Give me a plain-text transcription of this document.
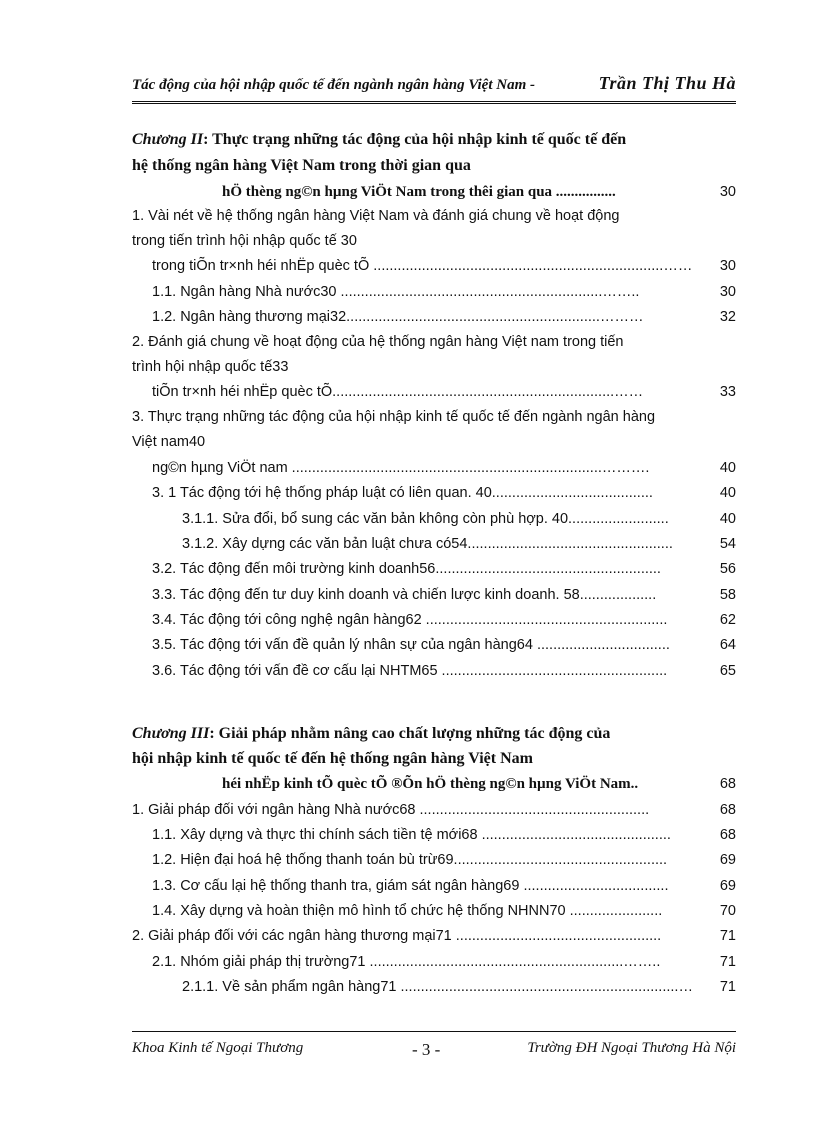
Tác động của hội nhập quốc tế đến ngành ngân hàng Việt Nam -	Trần Thị Thu Hà
Chương II: Thực trạng những tác động của hội nhập kinh tế quốc tế đến
hệ thống ngân hàng Việt Nam trong thời gian qua
hÖ thèng ng©n hµng ViÖt Nam trong thêi gian qua ................	30
1. Vài nét về hệ thống ngân hàng Việt Nam và đánh giá chung về hoạt động
trong tiến trình hội nhập quốc tế 30
trong tiÕn tr×nh héi nhËp quèc tÕ ........................................................................……	30
1.1. Ngân hàng Nhà nước30 .................................................................……..	30
1.2. Ngân hàng thương mại32...............................................................………	32
2. Đánh giá chung về hoạt động của hệ thống ngân hàng Việt nam trong tiến
trình hội nhập quốc tế33
tiÕn tr×nh héi nhËp quèc tÕ......................................................................……	33
3. Thực trạng những tác động của hội nhập kinh tế quốc tế đến ngành ngân hàng
Việt nam40
ng©n hµng ViÖt nam .............................................................................……….	40
3. 1 Tác động tới hệ thống pháp luật có liên quan. 40........................................	40
3.1.1. Sửa đổi, bổ sung các văn bản không còn phù hợp. 40.........................	40
3.1.2. Xây dựng các văn bản luật chưa có54...................................................	54
3.2. Tác động đến môi trường kinh doanh56........................................................	56
3.3. Tác động đến tư duy kinh doanh và chiến lược kinh doanh. 58...................	58
3.4. Tác động tới công nghệ ngân hàng62 ............................................................	62
3.5. Tác động tới vấn đề quản lý nhân sự của ngân hàng64 .................................	64
3.6. Tác động tới vấn đề cơ cấu lại NHTM65 ........................................................	65
Chương III: Giải pháp nhằm nâng cao chất lượng những tác động của
hội nhập kinh tế quốc tế đến hệ thống ngân hàng Việt Nam
héi nhËp kinh tÕ quèc tÕ ®Õn hÖ thèng ng©n hµng ViÖt Nam..	68
1. Giải pháp đối với ngân hàng Nhà nước68 .........................................................	68
1.1. Xây dựng và thực thi chính sách tiền tệ mới68 ...............................................	68
1.2. Hiện đại hoá hệ thống thanh toán bù trừ69.....................................................	69
1.3. Cơ cấu lại hệ thống thanh tra, giám sát ngân hàng69 ....................................	69
1.4. Xây dựng và hoàn thiện mô hình tổ chức hệ thống NHNN70 .......................	70
2. Giải pháp đối với các ngân hàng thương mại71 ...................................................	71
2.1. Nhóm giải pháp thị trường71 ...............................................................……..	71
2.1.1. Về sản phẩm ngân hàng71 .....................................................................…	71
Khoa Kinh tế Ngoại Thương	- 3 -	Trường ĐH Ngoại Thương Hà Nội
